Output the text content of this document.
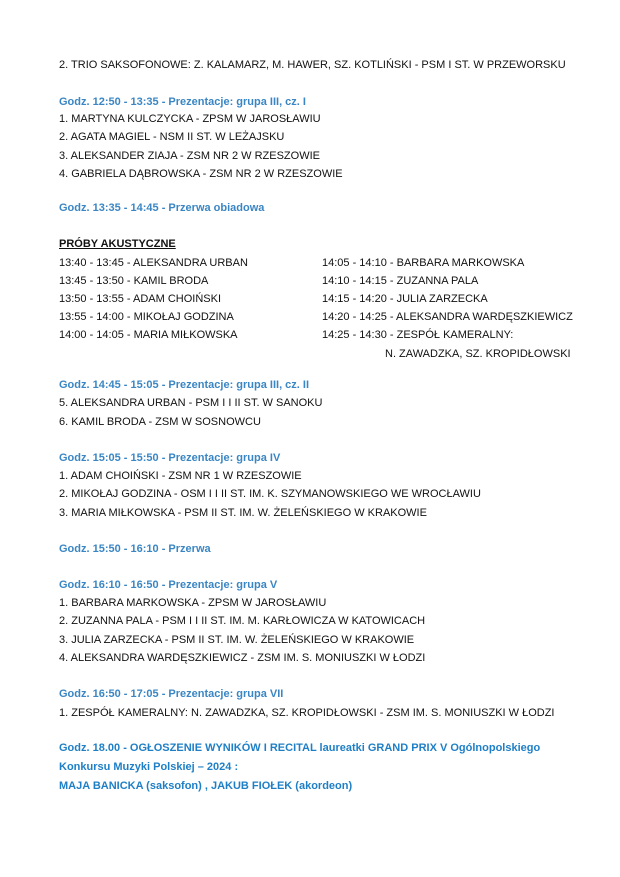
2. TRIO SAKSOFONOWE: Z. KALAMARZ, M. HAWER, SZ. KOTLIŃSKI - PSM I ST. W PRZEWORSKU
Godz. 12:50 - 13:35 - Prezentacje: grupa III, cz. I
1. MARTYNA KULCZYCKA - ZPSM W JAROSŁAWIU
2. AGATA MAGIEL - NSM II ST. W LEŻAJSKU
3. ALEKSANDER ZIAJA - ZSM NR 2 W RZESZOWIE
4. GABRIELA DĄBROWSKA - ZSM NR 2 W RZESZOWIE
Godz. 13:35 - 14:45 - Przerwa obiadowa
PRÓBY AKUSTYCZNE
13:40 - 13:45 - ALEKSANDRA URBAN
13:45 - 13:50 - KAMIL BRODA
13:50 - 13:55 - ADAM CHOIŃSKI
13:55 - 14:00 - MIKOŁAJ GODZINA
14:00 - 14:05 - MARIA MIŁKOWSKA
14:05 - 14:10 - BARBARA MARKOWSKA
14:10 - 14:15 - ZUZANNA PALA
14:15 - 14:20 - JULIA ZARZECKA
14:20 - 14:25 - ALEKSANDRA WARDĘSZKIEWICZ
14:25 - 14:30 - ZESPÓŁ KAMERALNY:
N. ZAWADZKA, SZ. KROPIDŁOWSKI
Godz. 14:45 - 15:05 - Prezentacje: grupa III, cz. II
5. ALEKSANDRA URBAN - PSM I I II ST. W SANOKU
6. KAMIL BRODA - ZSM W SOSNOWCU
Godz. 15:05 - 15:50 - Prezentacje: grupa IV
1. ADAM CHOIŃSKI - ZSM NR 1 W RZESZOWIE
2. MIKOŁAJ GODZINA - OSM I I II ST. IM. K. SZYMANOWSKIEGO WE WROCŁAWIU
3. MARIA MIŁKOWSKA - PSM II ST. IM. W. ŻELEŃSKIEGO W KRAKOWIE
Godz. 15:50 - 16:10 - Przerwa
Godz. 16:10 - 16:50 - Prezentacje: grupa V
1. BARBARA MARKOWSKA - ZPSM W JAROSŁAWIU
2. ZUZANNA PALA - PSM I I II ST. IM. M. KARŁOWICZA W KATOWICACH
3. JULIA ZARZECKA - PSM II ST. IM. W. ŻELEŃSKIEGO W KRAKOWIE
4. ALEKSANDRA WARDĘSZKIEWICZ - ZSM IM. S. MONIUSZKI W ŁODZI
Godz. 16:50 - 17:05 - Prezentacje: grupa VII
1. ZESPÓŁ KAMERALNY: N. ZAWADZKA, SZ. KROPIDŁOWSKI - ZSM IM. S. MONIUSZKI W ŁODZI
Godz. 18.00 - OGŁOSZENIE WYNIKÓW I RECITAL laureatki GRAND PRIX V Ogólnopolskiego
Konkursu Muzyki Polskiej – 2024 :
MAJA BANICKA (saksofon) , JAKUB FIOŁEK (akordeon)
